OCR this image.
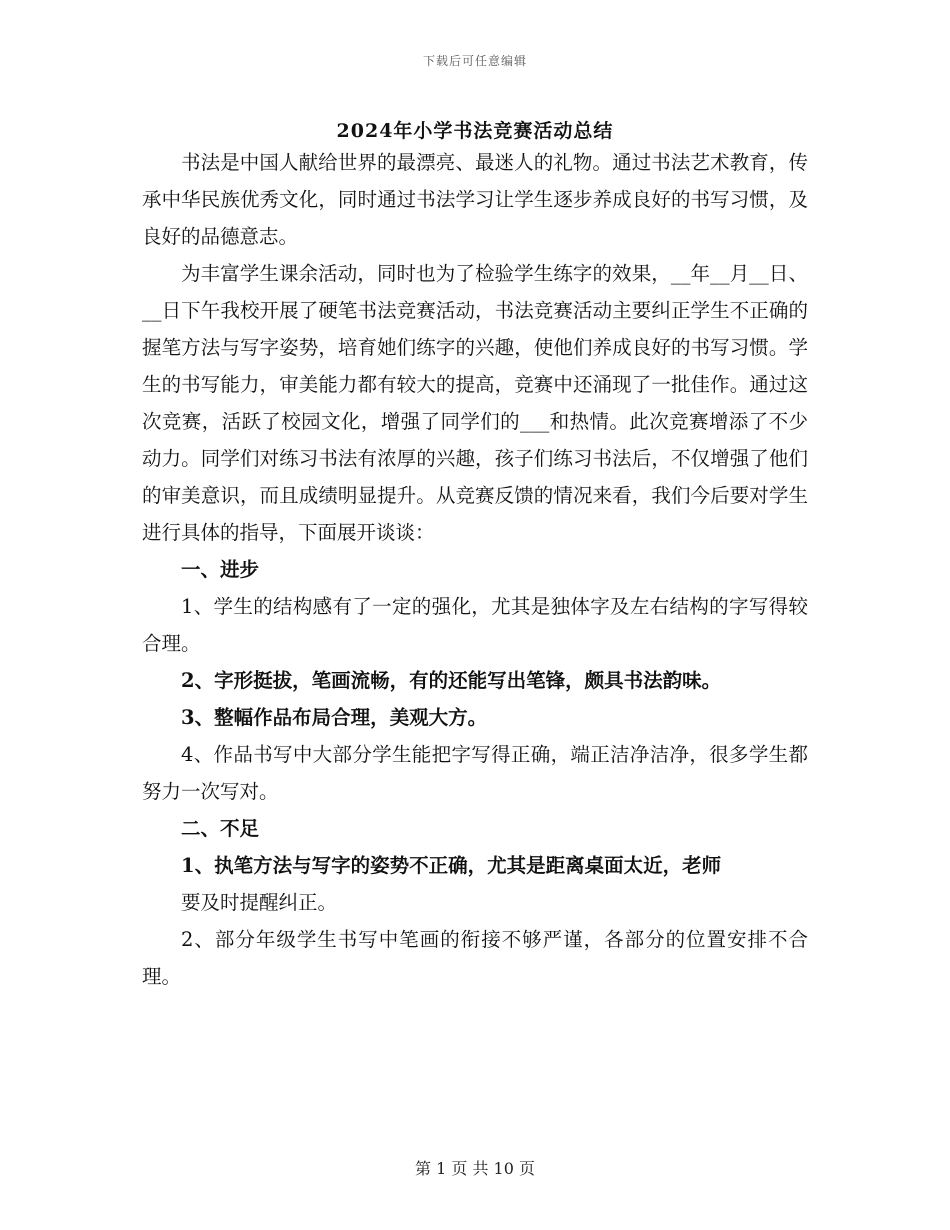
下载后可任意编辑
2024年小学书法竞赛活动总结

书法是中国人献给世界的最漂亮、最迷人的礼物。通过书法艺术教育，传承中华民族优秀文化，同时通过书法学习让学生逐步养成良好的书写习惯，及良好的品德意志。

为丰富学生课余活动，同时也为了检验学生练字的效果，__年__月__日、__日下午我校开展了硬笔书法竞赛活动，书法竞赛活动主要纠正学生不正确的握笔方法与写字姿势，培育她们练字的兴趣，使他们养成良好的书写习惯。学生的书写能力，审美能力都有较大的提高，竞赛中还涌现了一批佳作。通过这次竞赛，活跃了校园文化，增强了同学们的___和热情。此次竞赛增添了不少动力。同学们对练习书法有浓厚的兴趣，孩子们练习书法后，不仅增强了他们的审美意识，而且成绩明显提升。从竞赛反馈的情况来看，我们今后要对学生进行具体的指导，下面展开谈谈：

一、进步

1、学生的结构感有了一定的强化，尤其是独体字及左右结构的字写得较合理。

2、字形挺拔，笔画流畅，有的还能写出笔锋，颇具书法韵味。

3、整幅作品布局合理，美观大方。

4、作品书写中大部分学生能把字写得正确，端正洁净洁净，很多学生都努力一次写对。

二、不足

1、执笔方法与写字的姿势不正确，尤其是距离桌面太近，老师

要及时提醒纠正。

2、部分年级学生书写中笔画的衔接不够严谨，各部分的位置安排不合理。

第 1 页 共 10 页
